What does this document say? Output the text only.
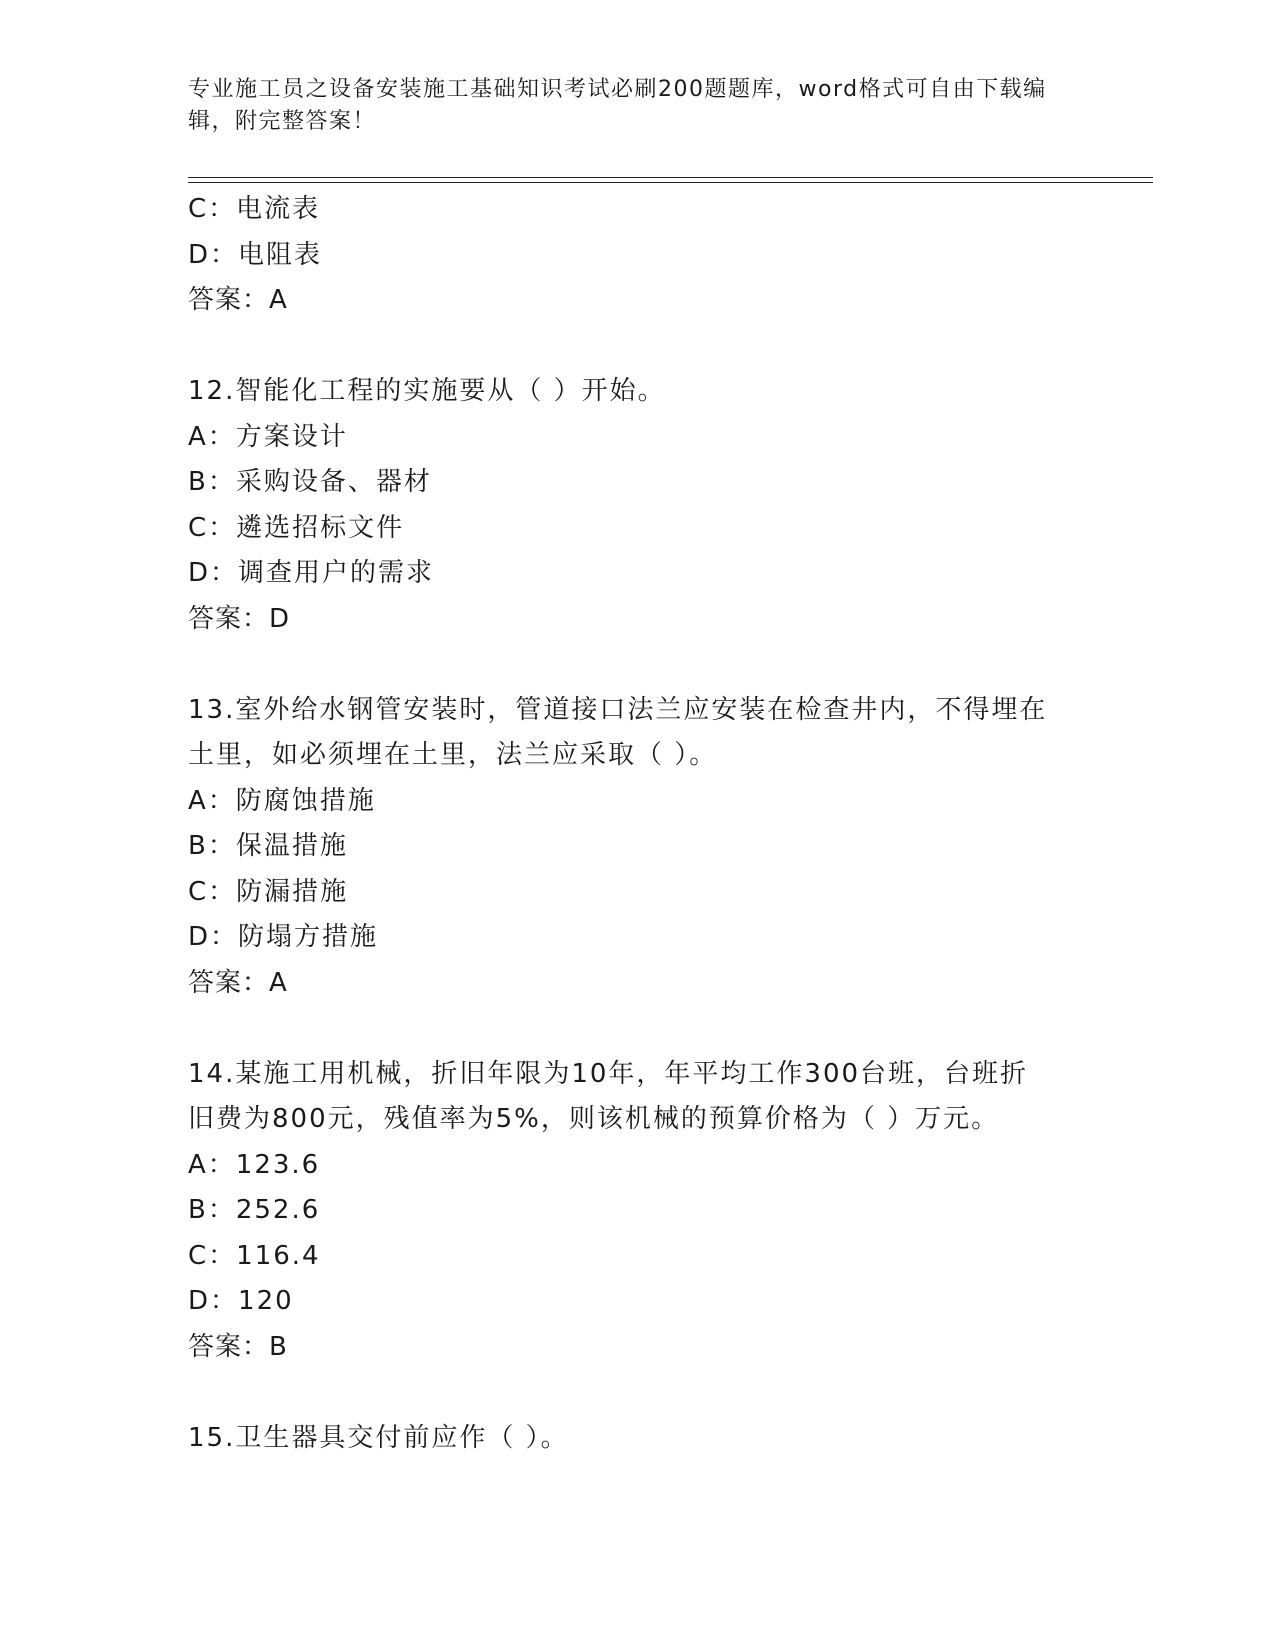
专业施工员之设备安装施工基础知识考试必刷200题题库，word格式可自由下载编辑，附完整答案！
C：电流表
D：电阻表
答案：A
12.智能化工程的实施要从（ ）开始。
A：方案设计
B：采购设备、器材
C：遴选招标文件
D：调查用户的需求
答案：D
13.室外给水钢管安装时，管道接口法兰应安装在检查井内，不得埋在
土里，如必须埋在土里，法兰应采取（ ）。
A：防腐蚀措施
B：保温措施
C：防漏措施
D：防塌方措施
答案：A
14.某施工用机械，折旧年限为10年，年平均工作300台班，台班折
旧费为800元，残值率为5%，则该机械的预算价格为（ ）万元。
A：123.6
B：252.6
C：116.4
D：120
答案：B
15.卫生器具交付前应作（ ）。
